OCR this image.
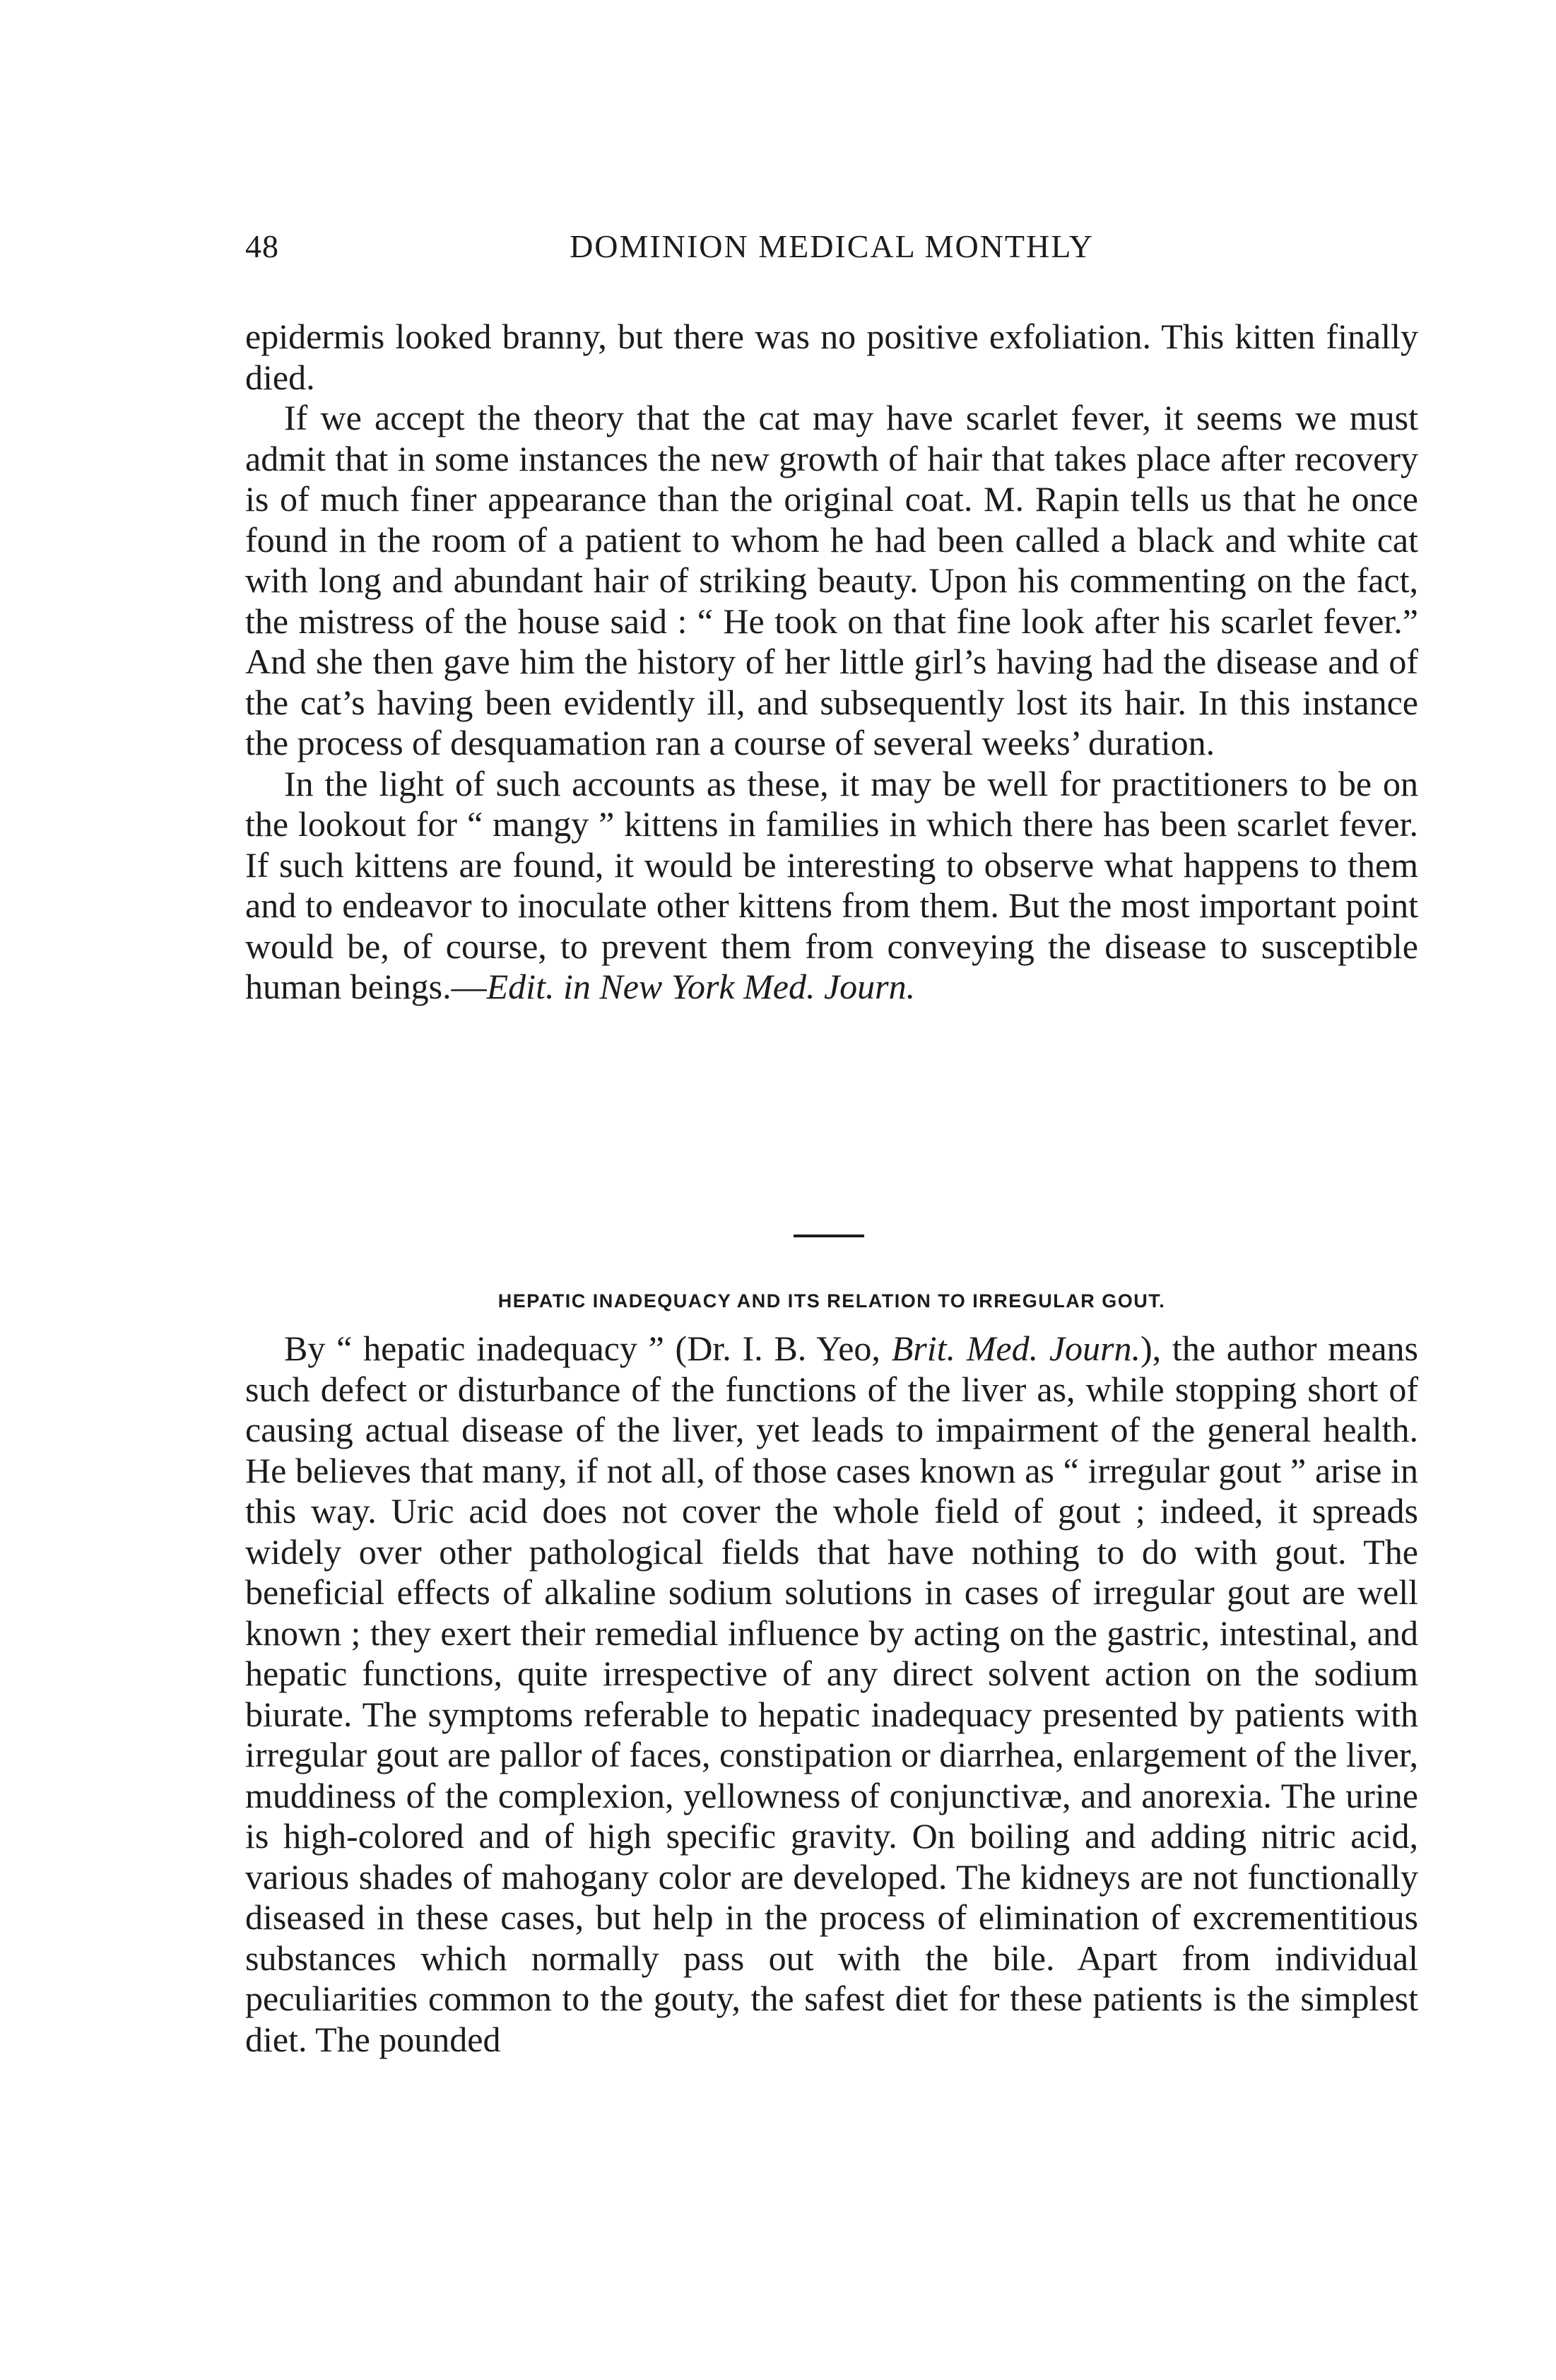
48	DOMINION MEDICAL MONTHLY

epidermis looked branny, but there was no positive exfoliation. This kitten finally died.

If we accept the theory that the cat may have scarlet fever, it seems we must admit that in some instances the new growth of hair that takes place after recovery is of much finer appearance than the original coat. M. Rapin tells us that he once found in the room of a patient to whom he had been called a black and white cat with long and abundant hair of striking beauty. Upon his commenting on the fact, the mistress of the house said : “ He took on that fine look after his scarlet fever.” And she then gave him the history of her little girl’s having had the disease and of the cat’s having been evidently ill, and subsequently lost its hair. In this instance the process of desquamation ran a course of several weeks’ duration.

In the light of such accounts as these, it may be well for practitioners to be on the lookout for “ mangy ” kittens in families in which there has been scarlet fever. If such kittens are found, it would be interesting to observe what happens to them and to endeavor to inoculate other kittens from them. But the most important point would be, of course, to prevent them from conveying the disease to susceptible human beings.—Edit. in New York Med. Journ.

HEPATIC INADEQUACY AND ITS RELATION TO IRREGULAR GOUT.

By “ hepatic inadequacy ” (Dr. I. B. Yeo, Brit. Med. Journ.), the author means such defect or disturbance of the functions of the liver as, while stopping short of causing actual disease of the liver, yet leads to impairment of the general health. He believes that many, if not all, of those cases known as “ irregular gout ” arise in this way. Uric acid does not cover the whole field of gout ; indeed, it spreads widely over other pathological fields that have nothing to do with gout. The beneficial effects of alkaline sodium solutions in cases of irregular gout are well known ; they exert their remedial influence by acting on the gastric, intestinal, and hepatic functions, quite irrespective of any direct solvent action on the sodium biurate. The symptoms referable to hepatic inadequacy presented by patients with irregular gout are pallor of faces, constipation or diarrhea, enlargement of the liver, muddiness of the complexion, yellowness of conjunctivæ, and anorexia. The urine is high-colored and of high specific gravity. On boiling and adding nitric acid, various shades of mahogany color are developed. The kidneys are not functionally diseased in these cases, but help in the process of elimination of excrementitious substances which normally pass out with the bile. Apart from individual peculiarities common to the gouty, the safest diet for these patients is the simplest diet. The pounded
